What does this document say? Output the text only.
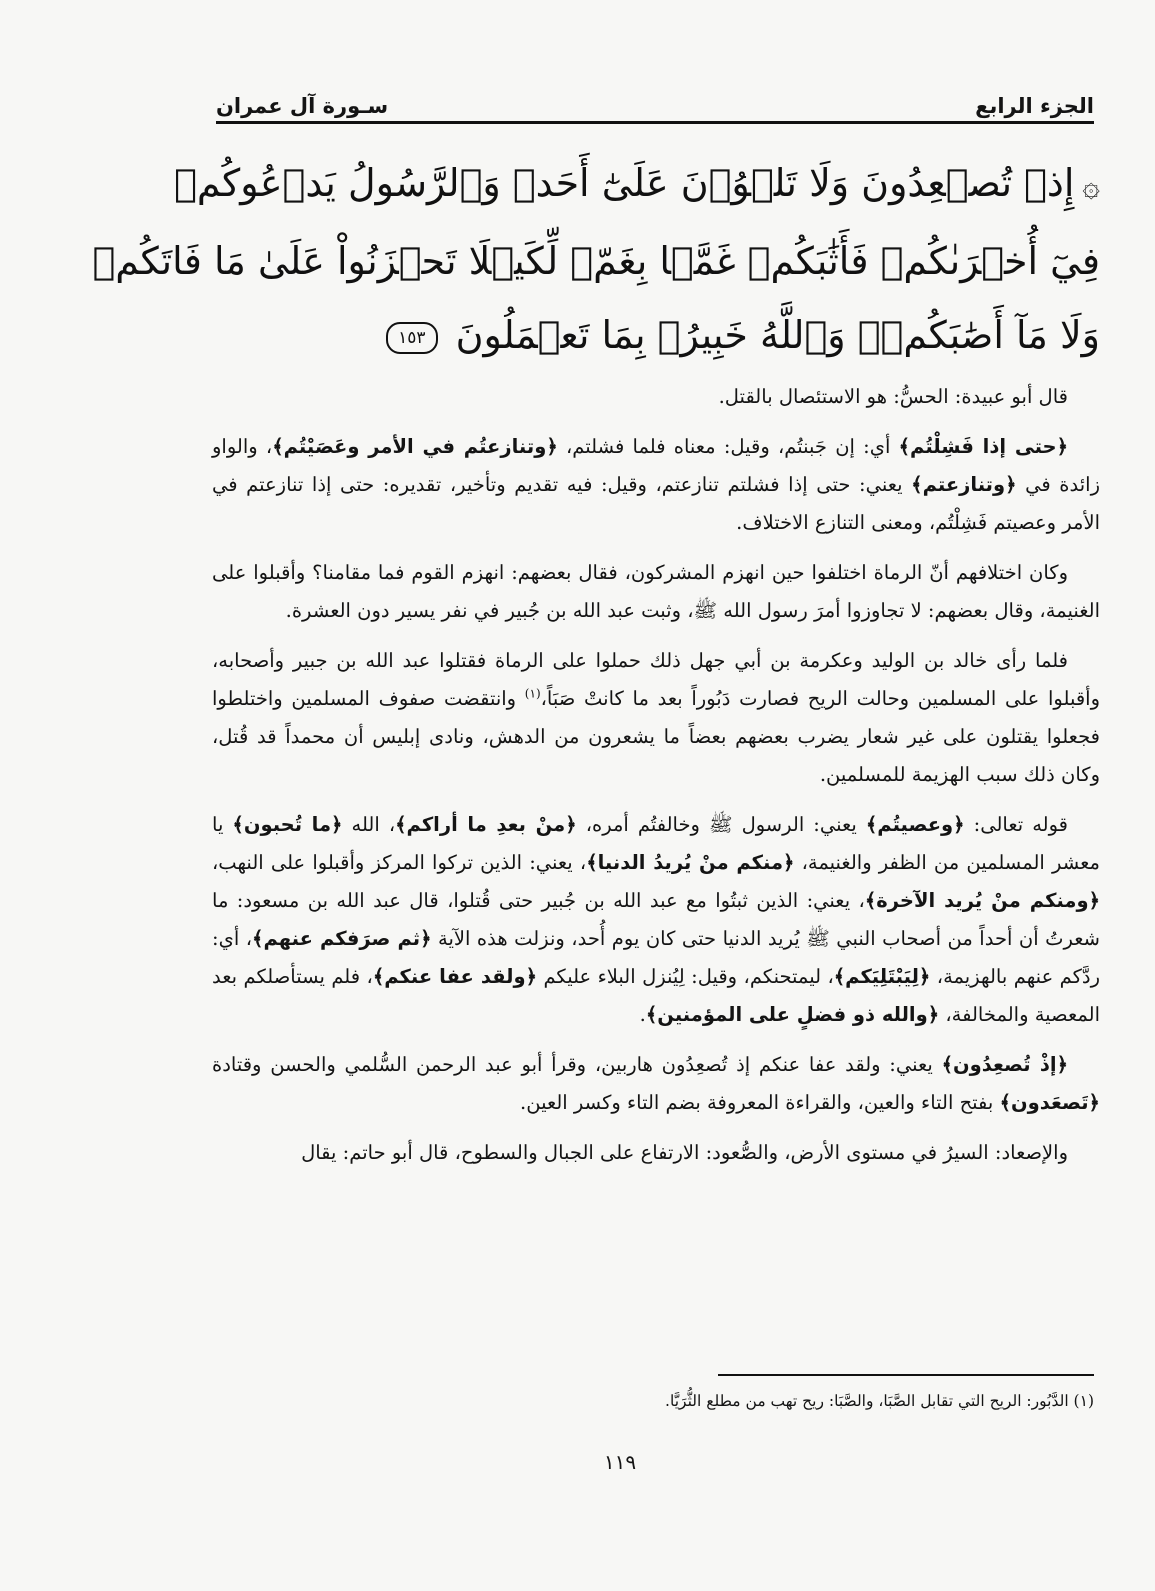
الجزء الرابع
سـورة آل عمران
۞إِذۡ تُصۡعِدُونَ وَلَا تَلۡوُۥنَ عَلَىٰٓ أَحَدٖ وَٱلرَّسُولُ يَدۡعُوكُمۡ
فِيٓ أُخۡرَىٰكُمۡ فَأَثَٰبَكُمۡ غَمَّۢا بِغَمّٖ لِّكَيۡلَا تَحۡزَنُواْ عَلَىٰ مَا فَاتَكُمۡ
وَلَا مَآ أَصَٰبَكُمۡۗ وَٱللَّهُ خَبِيرُۢ بِمَا تَعۡمَلُونَ ١٥٣

قال أبو عبيدة: الحسُّ: هو الاستئصال بالقتل.

﴿حتى إذا فَشِلْتُم﴾ أي: إن جَبنتُم، وقيل: معناه فلما فشلتم، ﴿وتنازعتُم في الأمر وعَصَيْتُم﴾، والواو زائدة في ﴿وتنازعتم﴾ يعني: حتى إذا فشلتم تنازعتم، وقيل: فيه تقديم وتأخير، تقديره: حتى إذا تنازعتم في الأمر وعصيتم فَشِلْتُم، ومعنى التنازع الاختلاف.

وكان اختلافهم أنّ الرماة اختلفوا حين انهزم المشركون، فقال بعضهم: انهزم القوم فما مقامنا؟ وأقبلوا على الغنيمة، وقال بعضهم: لا تجاوزوا أمرَ رسول الله ﷺ، وثبت عبد الله بن جُبير في نفر يسير دون العشرة.

فلما رأى خالد بن الوليد وعكرمة بن أبي جهل ذلك حملوا على الرماة فقتلوا عبد الله بن جبير وأصحابه، وأقبلوا على المسلمين وحالت الريح فصارت دَبُوراً بعد ما كانتْ صَبَاً،$^{(١)}$ وانتقضت صفوف المسلمين واختلطوا فجعلوا يقتلون على غير شعار يضرب بعضهم بعضاً ما يشعرون من الدهش، ونادى إبليس أن محمداً قد قُتل، وكان ذلك سبب الهزيمة للمسلمين.

قوله تعالى: ﴿وعصيتُم﴾ يعني: الرسول ﷺ وخالفتُم أمره، ﴿منْ بعدِ ما أراكم﴾، الله ﴿ما تُحبون﴾ يا معشر المسلمين من الظفر والغنيمة، ﴿منكم منْ يُريدُ الدنيا﴾، يعني: الذين تركوا المركز وأقبلوا على النهب، ﴿ومنكم منْ يُريد الآخرة﴾، يعني: الذين ثبتُوا مع عبد الله بن جُبير حتى قُتلوا، قال عبد الله بن مسعود: ما شعرتُ أن أحداً من أصحاب النبي ﷺ يُريد الدنيا حتى كان يوم أُحد، ونزلت هذه الآية ﴿ثم صرَفكم عنهم﴾، أي: ردَّكم عنهم بالهزيمة، ﴿لِيَبْتَلِيَكم﴾، ليمتحنكم، وقيل: لِيُنزل البلاء عليكم ﴿ولقد عفا عنكم﴾، فلم يستأصلكم بعد المعصية والمخالفة، ﴿والله ذو فضلٍ على المؤمنين﴾.

﴿إذْ تُصعِدُون﴾ يعني: ولقد عفا عنكم إذ تُصعِدُون هاربين، وقرأ أبو عبد الرحمن السُّلمي والحسن وقتادة ﴿تَصعَدون﴾ بفتح التاء والعين، والقراءة المعروفة بضم التاء وكسر العين.

والإصعاد: السيرُ في مستوى الأرض، والصُّعود: الارتفاع على الجبال والسطوح، قال أبو حاتم: يقال

(١) الدَّبُور: الريح التي تقابل الصَّبَا، والصَّبَا: ريح تهب من مطلع الثُّرَيَّا.
١١٩
